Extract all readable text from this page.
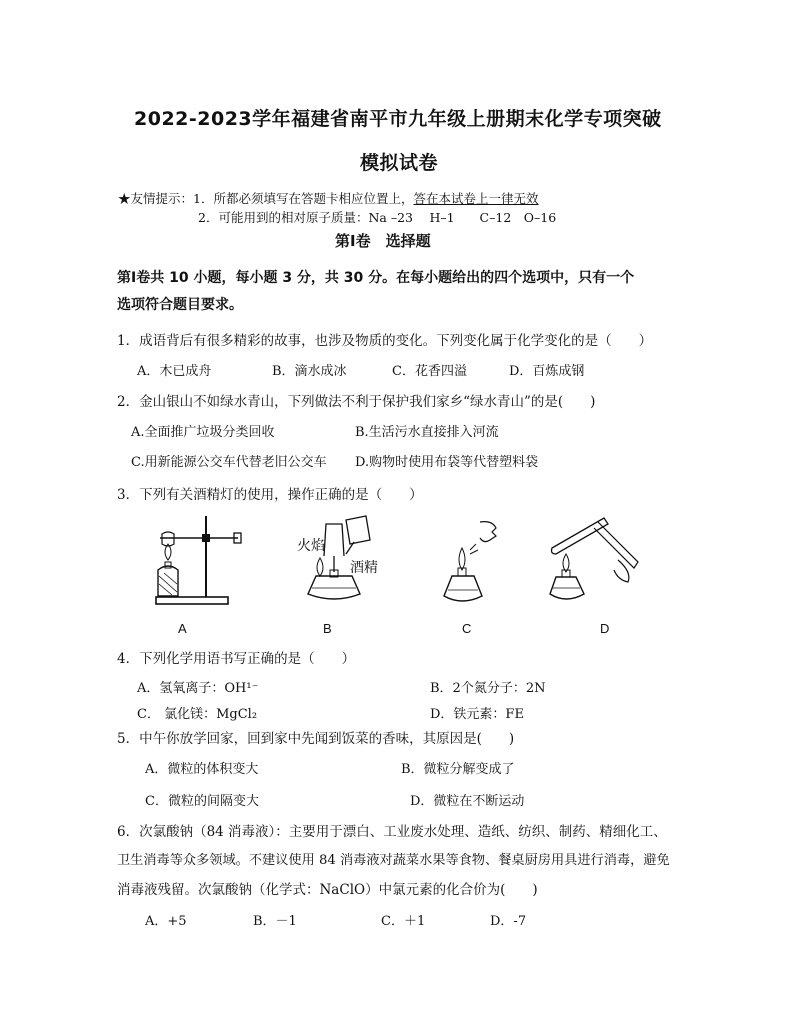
2022-2023学年福建省南平市九年级上册期末化学专项突破
模拟试卷
★友情提示：1．所都必须填写在答题卡相应位置上，答在本试卷上一律无效
2．可能用到的相对原子质量：Na –23　 H–1　　C–12　O–16
第Ⅰ卷　选择题
第Ⅰ卷共 10 小题，每小题 3 分，共 30 分。在每小题给出的四个选项中，只有一个
选项符合题目要求。
1．成语背后有很多精彩的故事，也涉及物质的变化。下列变化属于化学变化的是（　　）
A．木已成舟	B．滴水成冰	C．花香四溢	D．百炼成钢
2．金山银山不如绿水青山，下列做法不利于保护我们家乡“绿水青山”的是(　　)
A.全面推广垃圾分类回收	B.生活污水直接排入河流
C.用新能源公交车代替老旧公交车 D.购物时使用布袋等代替塑料袋
3．下列有关酒精灯的使用，操作正确的是（　　）
火焰
酒精
A	B	C	D
4．下列化学用语书写正确的是（　　）
A．氢氧离子：OH¹⁻	B．2个氮分子：2N
C． 氯化镁：MgCl₂	D．铁元素：FE
5．中午你放学回家，回到家中先闻到饭菜的香味，其原因是(　　)
A．微粒的体积变大	B．微粒分解变成了
C．微粒的间隔变大	D．微粒在不断运动
6．次氯酸钠（84 消毒液）：主要用于漂白、工业废水处理、造纸、纺织、制药、精细化工、
卫生消毒等众多领域。不建议使用 84 消毒液对蔬菜水果等食物、餐桌厨房用具进行消毒，避免
消毒液残留。次氯酸钠（化学式：NaClO）中氯元素的化合价为(　　)
A．+5	B．－1	C．＋1	D．-7
